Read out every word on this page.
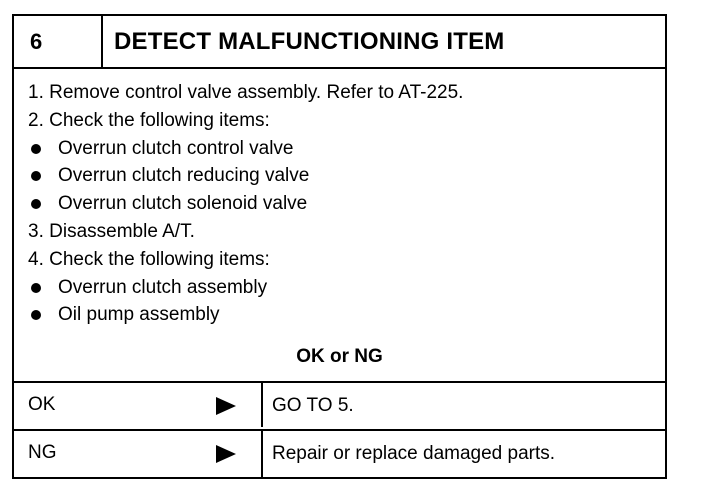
6	DETECT MALFUNCTIONING ITEM
1. Remove control valve assembly. Refer to AT-225.
2. Check the following items:
Overrun clutch control valve
Overrun clutch reducing valve
Overrun clutch solenoid valve
3. Disassemble A/T.
4. Check the following items:
Overrun clutch assembly
Oil pump assembly
OK or NG
OK	GO TO 5.
NG	Repair or replace damaged parts.
